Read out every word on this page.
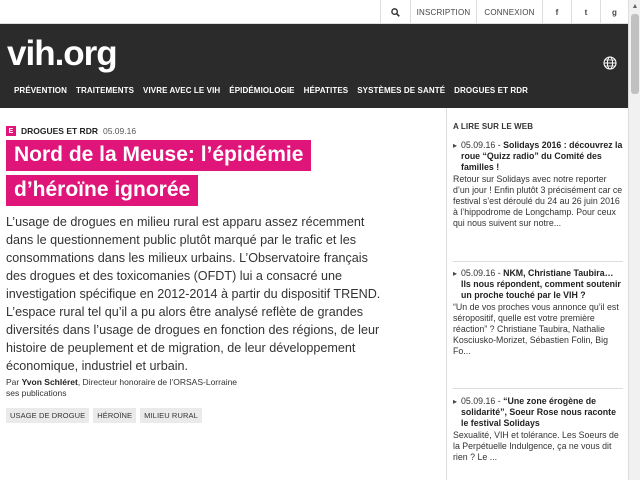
INSCRIPTION CONNEXION	f	t	g
vih.org
PRÉVENTION TRAITEMENTS VIVRE AVEC LE VIH ÉPIDÉMIOLOGIE HÉPATITES SYSTÈMES DE SANTÉ DROGUES ET RDR
▲
E DROGUES ET RDR 05.09.16
Nord de la Meuse: l’épidémie
d’héroïne ignorée

L’usage de drogues en milieu rural est apparu assez récemment dans le questionnement public plutôt marqué par le trafic et les consommations dans les milieux urbains. L’Observatoire français des drogues et des toxicomanies (OFDT) lui a consacré une investigation spécifique en 2012-2014 à partir du dispositif TREND. L’espace rural tel qu’il a pu alors être analysé reflète de grandes diversités dans l’usage de drogues en fonction des régions, de leur histoire de peuplement et de migration, de leur développement économique, industriel et urbain.

Par Yvon Schléret, Directeur honoraire de l’ORSAS-Lorraine
ses publications
USAGE DE DROGUE	HÉROÏNE	MILIEU RURAL
A LIRE SUR LE WEB
▸ 05.09.16 - Solidays 2016 : découvrez la roue “Quizz radio” du Comité des familles !
Retour sur Solidays avec notre reporter d’un jour ! Enfin plutôt 3 précisément car ce festival s’est déroulé du 24 au 26 juin 2016 à l’hippodrome de Longchamp. Pour ceux qui nous suivent sur notre...
▸ 05.09.16 - NKM, Christiane Taubira… Ils nous répondent, comment soutenir un proche touché par le VIH ?
“Un de vos proches vous annonce qu’il est séropositif, quelle est votre première réaction” ? Christiane Taubira, Nathalie Kosciusko-Morizet, Sébastien Folin, Big Fo...
▸ 05.09.16 - “Une zone érogène de solidarité”, Soeur Rose nous raconte le festival Solidays
Sexualité, VIH et tolérance. Les Soeurs de la Perpétuelle Indulgence, ça ne vous dit rien ? Le ...
